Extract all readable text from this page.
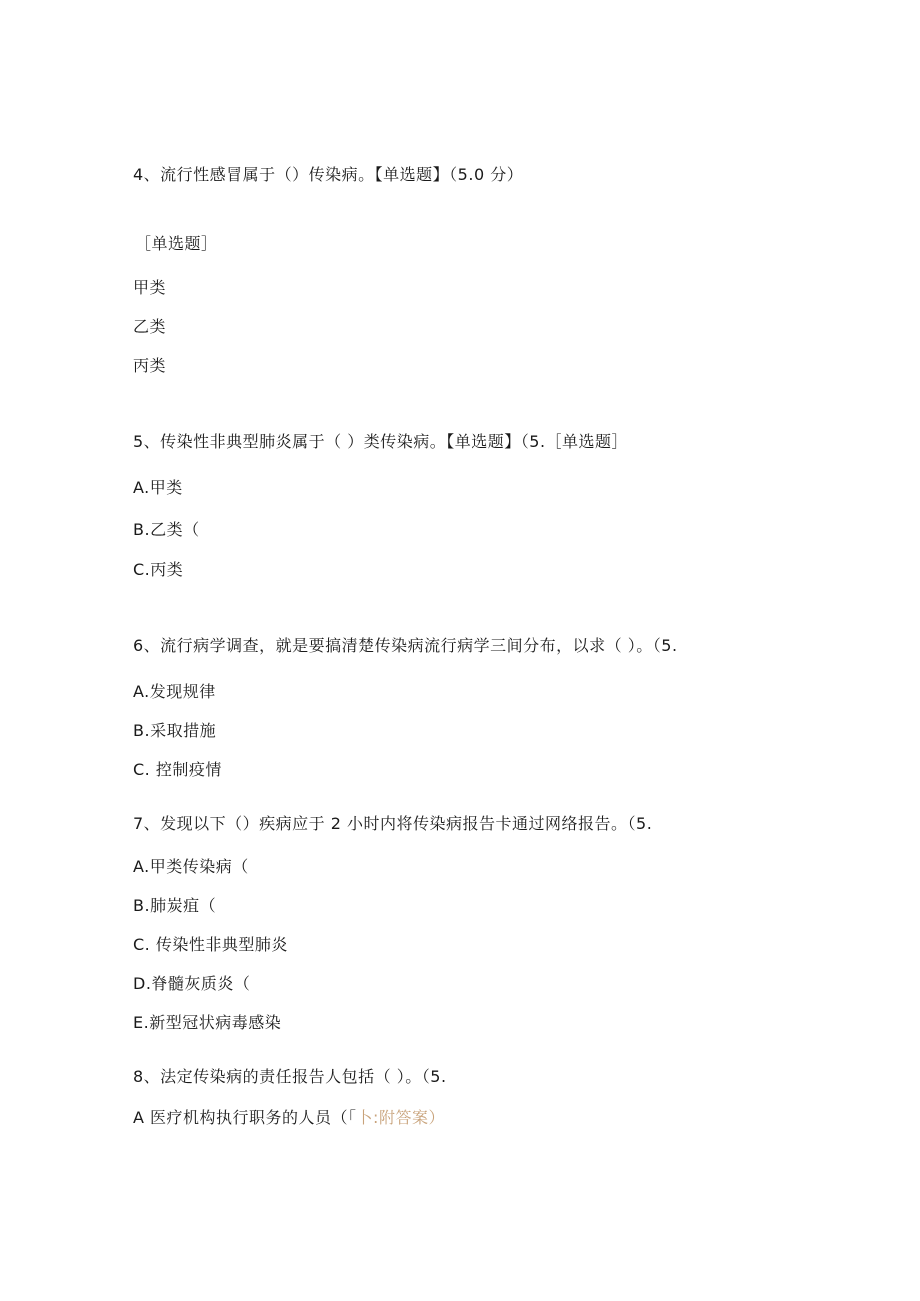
4、流行性感冒属于（）传染病。【单选题】（5.0 分）
［单选题］
甲类
乙类
丙类
5、传染性非典型肺炎属于（ ）类传染病。【单选题】（5.［单选题］
A.甲类
B.乙类（
C.丙类
6、流行病学调查，就是要搞清楚传染病流行病学三间分布，以求（ ）。（5.
A.发现规律
B.采取措施
C. 控制疫情
7、发现以下（）疾病应于 2 小时内将传染病报告卡通过网络报告。（5.
A.甲类传染病（
B.肺炭疽（
C. 传染性非典型肺炎
D.脊髓灰质炎（
E.新型冠状病毒感染
8、法定传染病的责任报告人包括（ ）。（5.
A 医疗机构执行职务的人员（「卜:附答案）
